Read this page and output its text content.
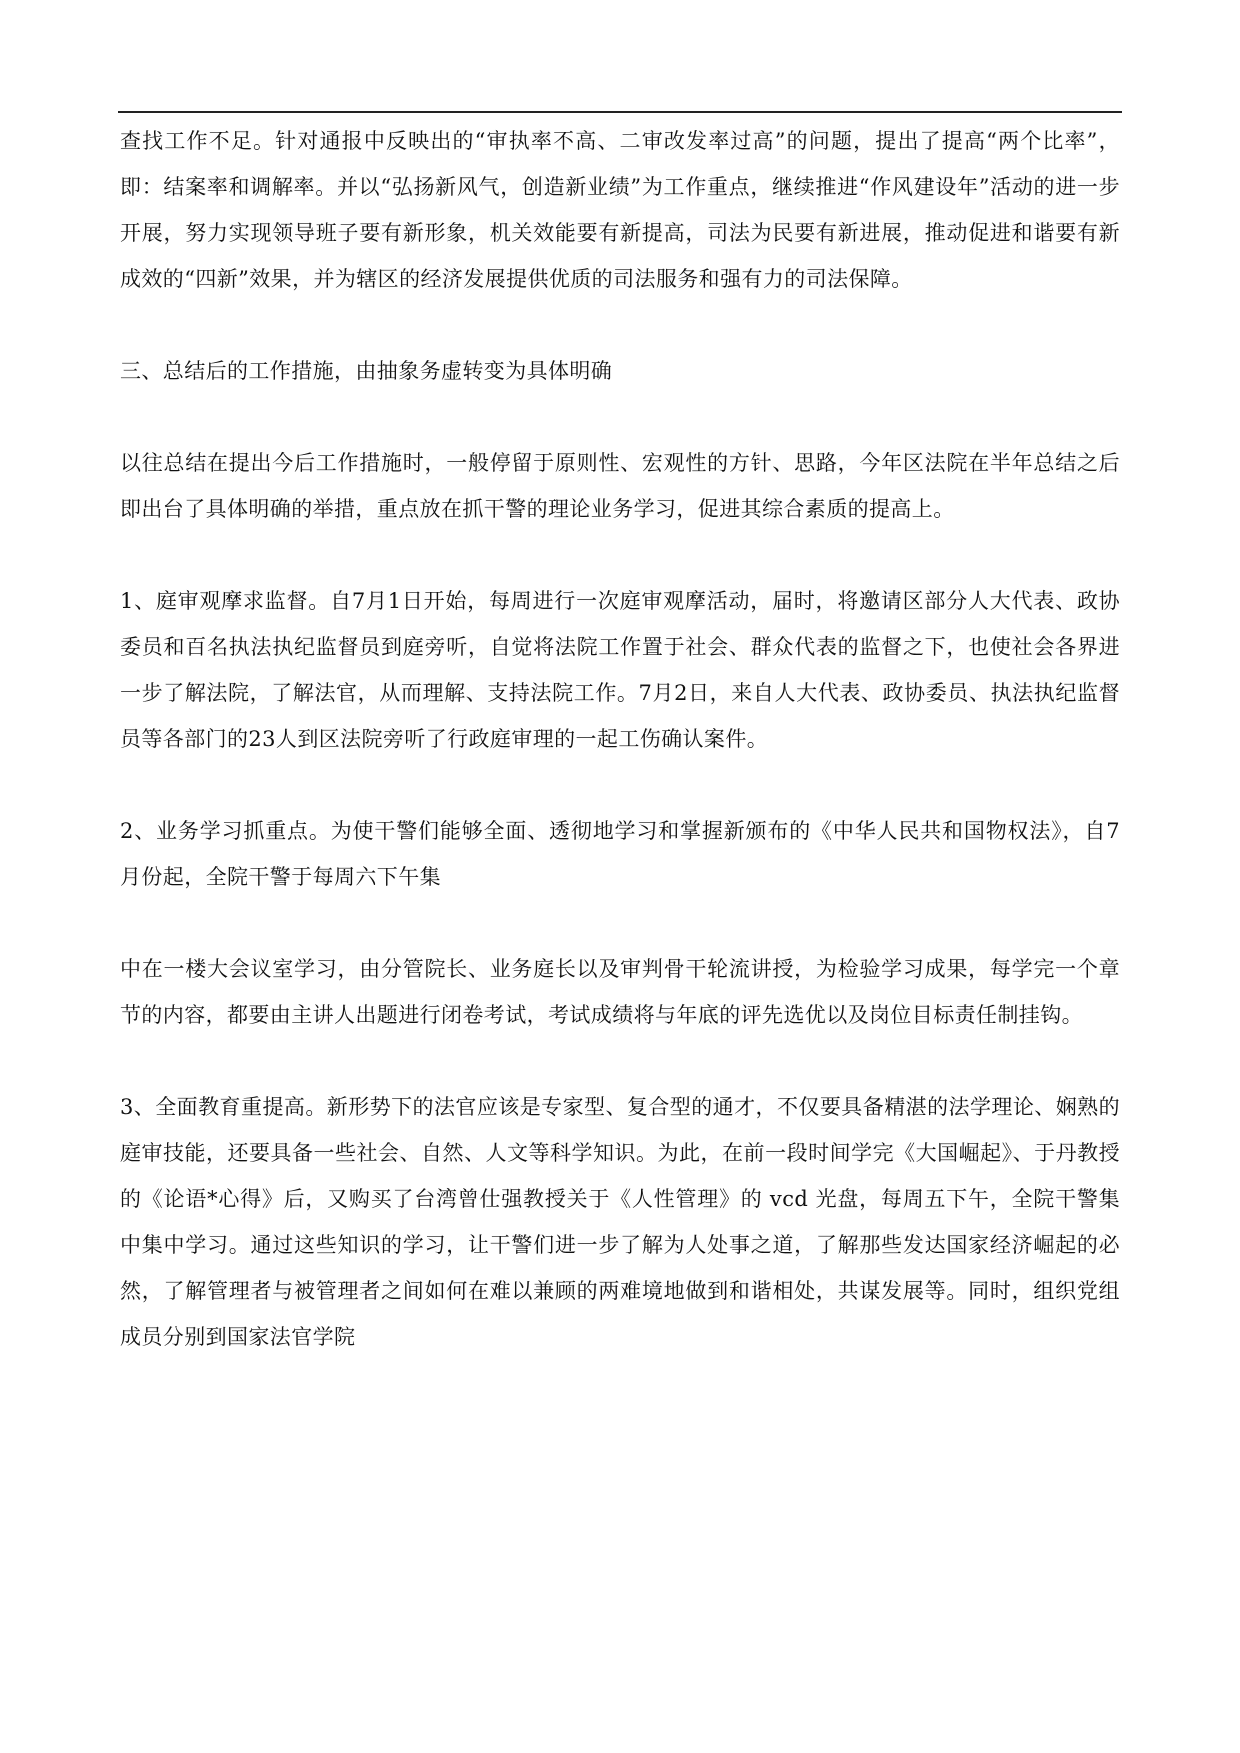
查找工作不足。针对通报中反映出的“审执率不高、二审改发率过高”的问题，提出了提高“两个比率”，即：结案率和调解率。并以“弘扬新风气，创造新业绩”为工作重点，继续推进“作风建设年”活动的进一步开展，努力实现领导班子要有新形象，机关效能要有新提高，司法为民要有新进展，推动促进和谐要有新成效的“四新”效果，并为辖区的经济发展提供优质的司法服务和强有力的司法保障。

三、总结后的工作措施，由抽象务虚转变为具体明确

以往总结在提出今后工作措施时，一般停留于原则性、宏观性的方针、思路，今年区法院在半年总结之后即出台了具体明确的举措，重点放在抓干警的理论业务学习，促进其综合素质的提高上。

1、庭审观摩求监督。自7月1日开始，每周进行一次庭审观摩活动，届时，将邀请区部分人大代表、政协委员和百名执法执纪监督员到庭旁听，自觉将法院工作置于社会、群众代表的监督之下，也使社会各界进一步了解法院，了解法官，从而理解、支持法院工作。7月2日，来自人大代表、政协委员、执法执纪监督员等各部门的23人到区法院旁听了行政庭审理的一起工伤确认案件。

2、业务学习抓重点。为使干警们能够全面、透彻地学习和掌握新颁布的《中华人民共和国物权法》，自7月份起，全院干警于每周六下午集

中在一楼大会议室学习，由分管院长、业务庭长以及审判骨干轮流讲授，为检验学习成果，每学完一个章节的内容，都要由主讲人出题进行闭卷考试，考试成绩将与年底的评先选优以及岗位目标责任制挂钩。

3、全面教育重提高。新形势下的法官应该是专家型、复合型的通才，不仅要具备精湛的法学理论、娴熟的庭审技能，还要具备一些社会、自然、人文等科学知识。为此，在前一段时间学完《大国崛起》、于丹教授的《论语*心得》后，又购买了台湾曾仕强教授关于《人性管理》的 vcd 光盘，每周五下午，全院干警集中集中学习。通过这些知识的学习，让干警们进一步了解为人处事之道，了解那些发达国家经济崛起的必然，了解管理者与被管理者之间如何在难以兼顾的两难境地做到和谐相处，共谋发展等。同时，组织党组成员分别到国家法官学院
